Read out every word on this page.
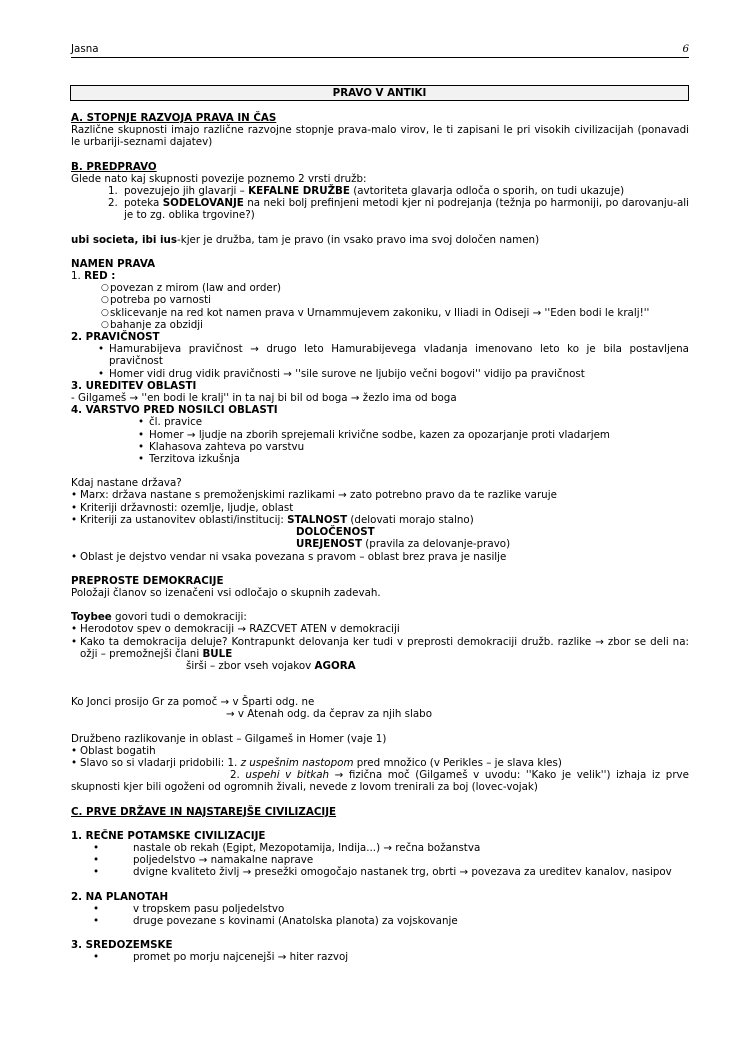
Jasna	6
PRAVO V ANTIKI

A. STOPNJE RAZVOJA PRAVA IN ČAS

Različne skupnosti imajo različne razvojne stopnje prava-malo virov, le ti zapisani le pri visokih civilizacijah (ponavadi le urbariji-seznami dajatev)

B. PREDPRAVO

Glede nato kaj skupnosti povezije poznemo 2 vrsti družb:

1. povezujejo jih glavarji – KEFALNE DRUŽBE (avtoriteta glavarja odloča o sporih, on tudi ukazuje)
2. poteka SODELOVANJE na neki bolj prefinjeni metodi kjer ni podrejanja (težnja po harmoniji, po darovanju-ali je to zg. oblika trgovine?)

ubi societa, ibi ius-kjer je družba, tam je pravo (in vsako pravo ima svoj določen namen)

NAMEN PRAVA

1. RED :

○ povezan z mirom (law and order)
○ potreba po varnosti
○ sklicevanje na red kot namen prava v Urnammujevem zakoniku, v Iliadi in Odiseji → ''Eden bodi le kralj!''
○ bahanje za obzidji

2. PRAVIČNOST

• Hamurabijeva pravičnost → drugo leto Hamurabijevega vladanja imenovano leto ko je bila postavljena pravičnost
• Homer vidi drug vidik pravičnosti → ''sile surove ne ljubijo večni bogovi'' vidijo pa pravičnost

3. UREDITEV OBLASTI

- Gilgameš → ''en bodi le kralj'' in ta naj bi bil od boga → žezlo ima od boga

4. VARSTVO PRED NOSILCI OBLASTI

• čl. pravice
• Homer → ljudje na zborih sprejemali krivične sodbe, kazen za opozarjanje proti vladarjem
• Klahasova zahteva po varstvu
• Terzitova izkušnja

Kdaj nastane država?

• Marx: država nastane s premoženjskimi razlikami → zato potrebno pravo da te razlike varuje
• Kriteriji državnosti: ozemlje, ljudje, oblast
• Kriteriji za ustanovitev oblasti/institucij: STALNOST (delovati morajo stalno)

DOLOČENOST

UREJENOST (pravila za delovanje-pravo)

• Oblast je dejstvo vendar ni vsaka povezana s pravom – oblast brez prava je nasilje

PREPROSTE DEMOKRACIJE

Položaji članov so izenačeni vsi odločajo o skupnih zadevah.

Toybee govori tudi o demokraciji:

• Herodotov spev o demokraciji → RAZCVET ATEN v demokraciji
• Kako ta demokracija deluje? Kontrapunkt delovanja ker tudi v preprosti demokraciji družb. razlike → zbor se deli na: ožji – premožnejši člani BULE

širši – zbor vseh vojakov AGORA

Ko Jonci prosijo Gr za pomoč → v Šparti odg. ne

→ v Atenah odg. da čeprav za njih slabo

Družbeno razlikovanje in oblast – Gilgameš in Homer (vaje 1)

• Oblast bogatih
• Slavo so si vladarji pridobili: 1. z uspešnim nastopom pred množico (v Perikles – je slava kles)

2. uspehi v bitkah → fizična moč (Gilgameš v uvodu: ''Kako je velik'') izhaja iz prve skupnosti kjer bili ogoženi od ogromnih živali, nevede z lovom trenirali za boj (lovec-vojak)

C. PRVE DRŽAVE IN NAJSTAREJŠE CIVILIZACIJE

1. REČNE POTAMSKE CIVILIZACIJE

•	nastale ob rekah (Egipt, Mezopotamija, Indija...) → rečna božanstva
•	poljedelstvo → namakalne naprave
•	dvigne kvaliteto življ → presežki omogočajo nastanek trg, obrti → povezava za ureditev kanalov, nasipov

2. NA PLANOTAH

•	v tropskem pasu poljedelstvo
•	druge povezane s kovinami (Anatolska planota) za vojskovanje

3. SREDOZEMSKE

•	promet po morju najcenejši → hiter razvoj
